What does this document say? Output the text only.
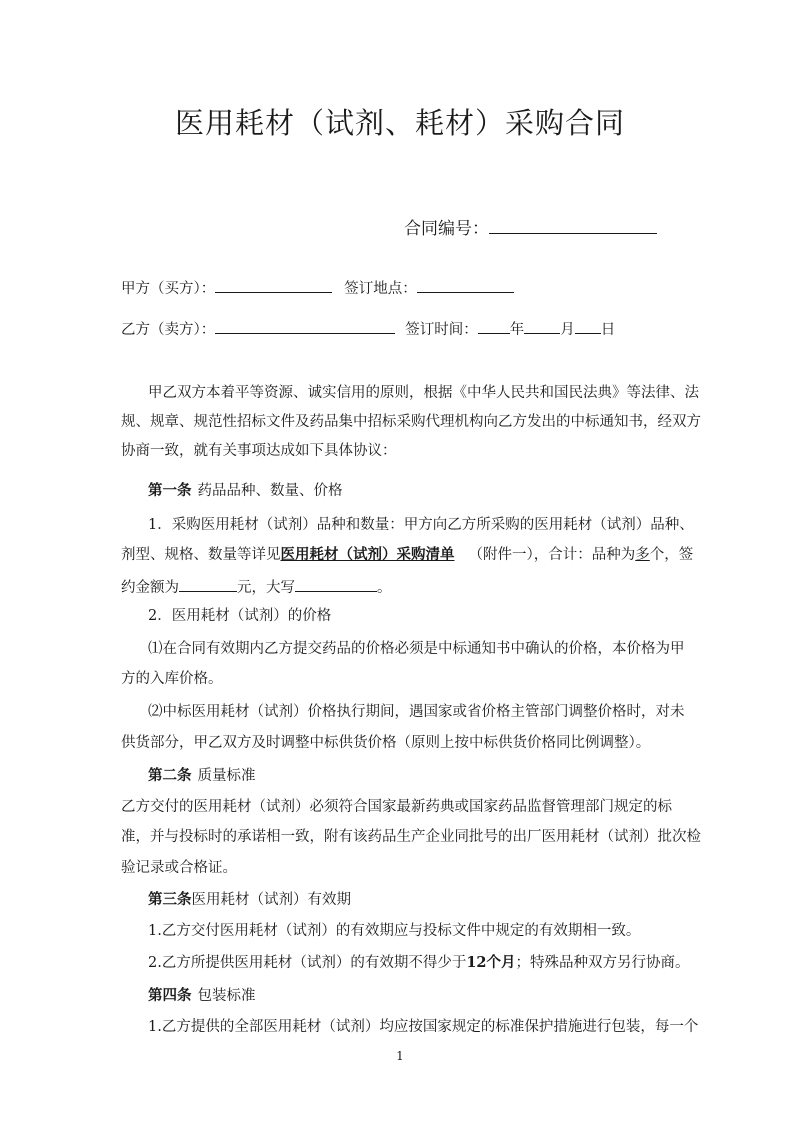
医用耗材（试剂、耗材）采购合同
合同编号：
甲方（买方）：	签订地点：
乙方（卖方）：	签订时间： 年 月 日
甲乙双方本着平等资源、诚实信用的原则，根据《中华人民共和国民法典》等法律、法
规、规章、规范性招标文件及药品集中招标采购代理机构向乙方发出的中标通知书，经双方
协商一致，就有关事项达成如下具体协议：
第一条 药品品种、数量、价格
1．采购医用耗材（试剂）品种和数量：甲方向乙方所采购的医用耗材（试剂）品种、
剂型、规格、数量等详见医用耗材（试剂）采购清单 （附件一），合计：品种为多个，签
约金额为	元，大写	。
2．医用耗材（试剂）的价格
⑴在合同有效期内乙方提交药品的价格必须是中标通知书中确认的价格，本价格为甲
方的入库价格。
⑵中标医用耗材（试剂）价格执行期间，遇国家或省价格主管部门调整价格时，对未
供货部分，甲乙双方及时调整中标供货价格（原则上按中标供货价格同比例调整）。
第二条 质量标准
乙方交付的医用耗材（试剂）必须符合国家最新药典或国家药品监督管理部门规定的标
准，并与投标时的承诺相一致，附有该药品生产企业同批号的出厂医用耗材（试剂）批次检
验记录或合格证。
第三条医用耗材（试剂）有效期
1.乙方交付医用耗材（试剂）的有效期应与投标文件中规定的有效期相一致。
2.乙方所提供医用耗材（试剂）的有效期不得少于12个月；特殊品种双方另行协商。
第四条 包装标准
1.乙方提供的全部医用耗材（试剂）均应按国家规定的标准保护措施进行包装，每一个
1
